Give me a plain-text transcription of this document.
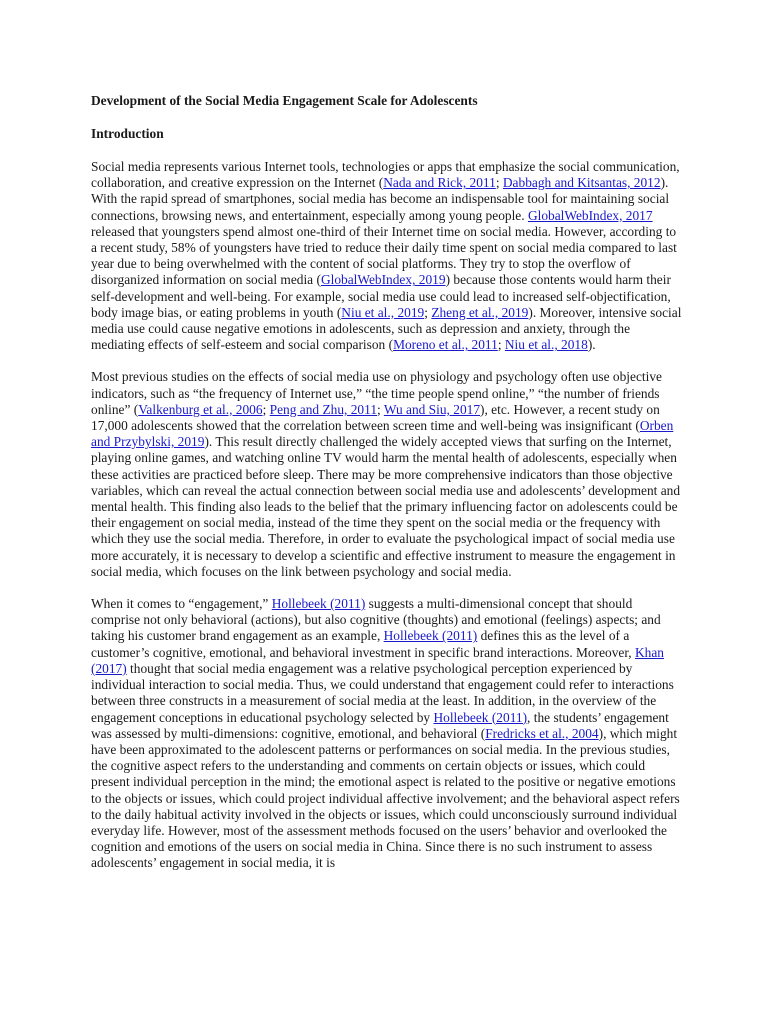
Development of the Social Media Engagement Scale for Adolescents
Introduction

Social media represents various Internet tools, technologies or apps that emphasize the social communication, collaboration, and creative expression on the Internet (Nada and Rick, 2011; Dabbagh and Kitsantas, 2012). With the rapid spread of smartphones, social media has become an indispensable tool for maintaining social connections, browsing news, and entertainment, especially among young people. GlobalWebIndex, 2017 released that youngsters spend almost one-third of their Internet time on social media. However, according to a recent study, 58% of youngsters have tried to reduce their daily time spent on social media compared to last year due to being overwhelmed with the content of social platforms. They try to stop the overflow of disorganized information on social media (GlobalWebIndex, 2019) because those contents would harm their self-development and well-being. For example, social media use could lead to increased self-objectification, body image bias, or eating problems in youth (Niu et al., 2019; Zheng et al., 2019). Moreover, intensive social media use could cause negative emotions in adolescents, such as depression and anxiety, through the mediating effects of self-esteem and social comparison (Moreno et al., 2011; Niu et al., 2018).

Most previous studies on the effects of social media use on physiology and psychology often use objective indicators, such as “the frequency of Internet use,” “the time people spend online,” “the number of friends online” (Valkenburg et al., 2006; Peng and Zhu, 2011; Wu and Siu, 2017), etc. However, a recent study on 17,000 adolescents showed that the correlation between screen time and well-being was insignificant (Orben and Przybylski, 2019). This result directly challenged the widely accepted views that surfing on the Internet, playing online games, and watching online TV would harm the mental health of adolescents, especially when these activities are practiced before sleep. There may be more comprehensive indicators than those objective variables, which can reveal the actual connection between social media use and adolescents’ development and mental health. This finding also leads to the belief that the primary influencing factor on adolescents could be their engagement on social media, instead of the time they spent on the social media or the frequency with which they use the social media. Therefore, in order to evaluate the psychological impact of social media use more accurately, it is necessary to develop a scientific and effective instrument to measure the engagement in social media, which focuses on the link between psychology and social media.

When it comes to “engagement,” Hollebeek (2011) suggests a multi-dimensional concept that should comprise not only behavioral (actions), but also cognitive (thoughts) and emotional (feelings) aspects; and taking his customer brand engagement as an example, Hollebeek (2011) defines this as the level of a customer’s cognitive, emotional, and behavioral investment in specific brand interactions. Moreover, Khan (2017) thought that social media engagement was a relative psychological perception experienced by individual interaction to social media. Thus, we could understand that engagement could refer to interactions between three constructs in a measurement of social media at the least. In addition, in the overview of the engagement conceptions in educational psychology selected by Hollebeek (2011), the students’ engagement was assessed by multi-dimensions: cognitive, emotional, and behavioral (Fredricks et al., 2004), which might have been approximated to the adolescent patterns or performances on social media. In the previous studies, the cognitive aspect refers to the understanding and comments on certain objects or issues, which could present individual perception in the mind; the emotional aspect is related to the positive or negative emotions to the objects or issues, which could project individual affective involvement; and the behavioral aspect refers to the daily habitual activity involved in the objects or issues, which could unconsciously surround individual everyday life. However, most of the assessment methods focused on the users’ behavior and overlooked the cognition and emotions of the users on social media in China. Since there is no such instrument to assess adolescents’ engagement in social media, it is
